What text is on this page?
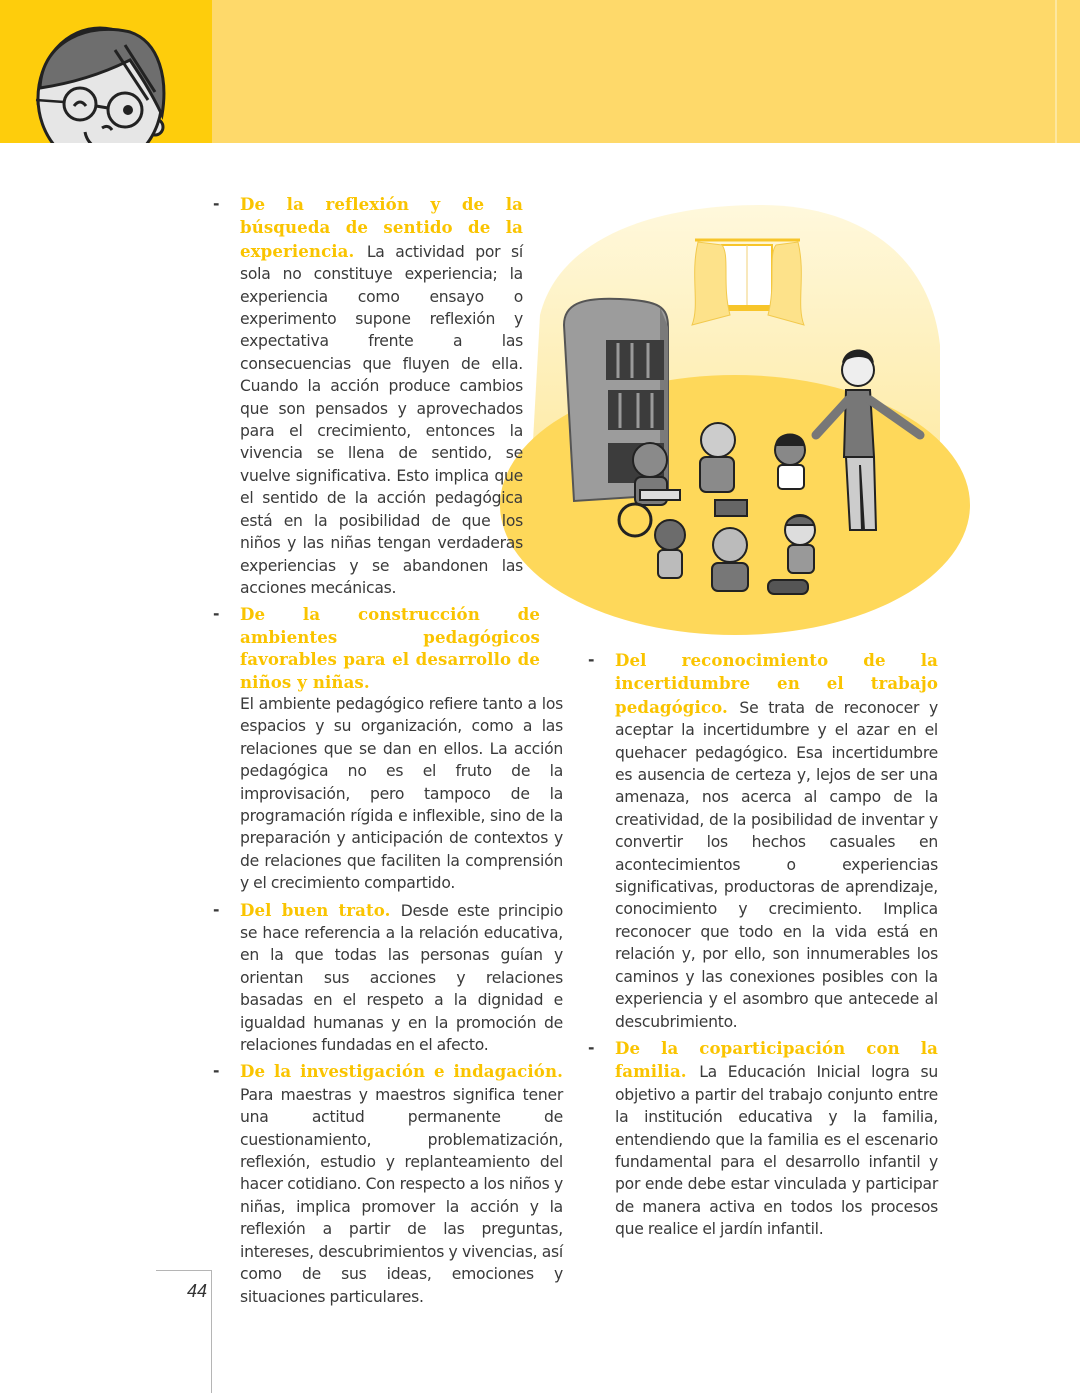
- De la reflexión y de la búsqueda de sentido de la experiencia. La actividad por sí sola no constituye experiencia; la experiencia como ensayo o experimento supone reflexión y expectativa frente a las consecuencias que fluyen de ella. Cuando la acción produce cambios que son pensados y aprovechados para el crecimiento, entonces la vivencia se llena de sentido, se vuelve significativa. Esto implica que el sentido de la acción pedagógica está en la posibilidad de que los niños y las niñas tengan verdaderas experiencias y se abandonen las acciones mecánicas.
- De la construcción de ambientes pedagógicos favorables para el desarrollo de niños y niñas.
El ambiente pedagógico refiere tanto a los espacios y su organización, como a las relaciones que se dan en ellos. La acción pedagógica no es el fruto de la improvisación, pero tampoco de la programación rígida e inflexible, sino de la preparación y anticipación de contextos y de relaciones que faciliten la comprensión y el crecimiento compartido.
- Del buen trato. Desde este principio se hace referencia a la relación educativa, en la que todas las personas guían y orientan sus acciones y relaciones basadas en el respeto a la dignidad e igualdad humanas y en la promoción de relaciones fundadas en el afecto.
- De la investigación e indagación. Para maestras y maestros significa tener una actitud permanente de cuestionamiento, problematización, reflexión, estudio y replanteamiento del hacer cotidiano. Con respecto a los niños y niñas, implica promover la acción y la reflexión a partir de las preguntas, intereses, descubrimientos y vivencias, así como de sus ideas, emociones y situaciones particulares.
- Del reconocimiento de la incertidumbre en el trabajo pedagógico. Se trata de reconocer y aceptar la incertidumbre y el azar en el quehacer pedagógico. Esa incertidumbre es ausencia de certeza y, lejos de ser una amenaza, nos acerca al campo de la creatividad, de la posibilidad de inventar y convertir los hechos casuales en acontecimientos o experiencias significativas, productoras de aprendizaje, conocimiento y crecimiento. Implica reconocer que todo en la vida está en relación y, por ello, son innumerables los caminos y las conexiones posibles con la experiencia y el asombro que antecede al descubrimiento.
- De la coparticipación con la familia. La Educación Inicial logra su objetivo a partir del trabajo conjunto entre la institución educativa y la familia, entendiendo que la familia es el escenario fundamental para el desarrollo infantil y por ende debe estar vinculada y participar de manera activa en todos los procesos que realice el jardín infantil.
44
